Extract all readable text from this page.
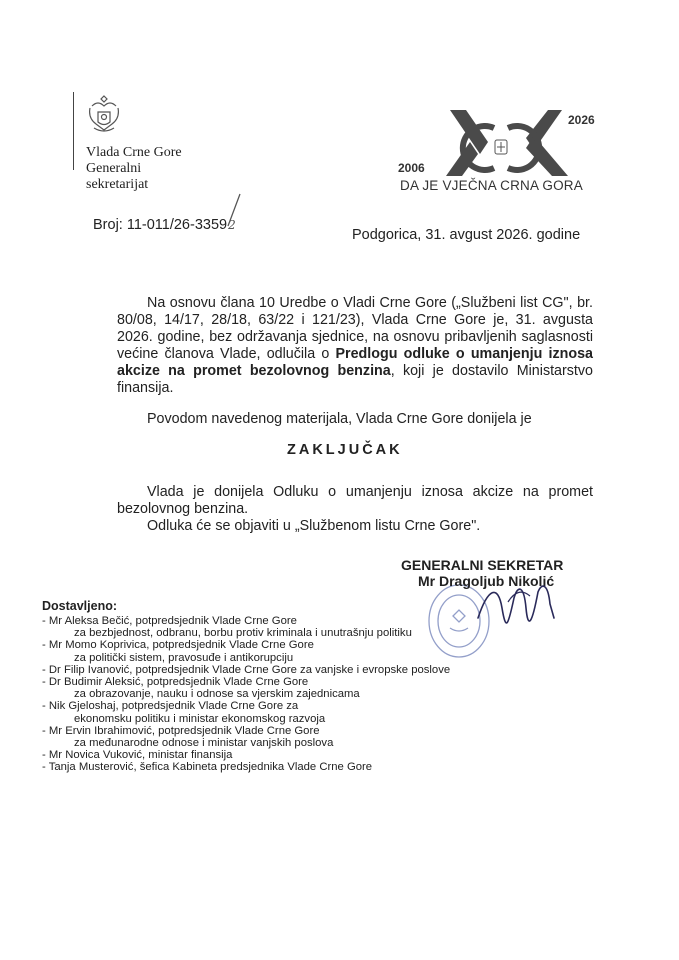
Vlada Crne Gore
Generalni
sekretarijat
2006
2026
DA JE VJEČNA CRNA GORA
Broj: 11-011/26-33592
Podgorica, 31. avgust 2026. godine
Na osnovu člana 10 Uredbe o Vladi Crne Gore („Službeni list CG", br. 80/08, 14/17, 28/18, 63/22 i 121/23), Vlada Crne Gore je, 31. avgusta 2026. godine, bez održavanja sjednice, na osnovu pribavljenih saglasnosti većine članova Vlade, odlučila o Predlogu odluke o umanjenju iznosa akcize na promet bezolovnog benzina, koji je dostavilo Ministarstvo finansija.
Povodom navedenog materijala, Vlada Crne Gore donijela je
ZAKLJUČAK
Vlada je donijela Odluku o umanjenju iznosa akcize na promet bezolovnog benzina.
Odluka će se objaviti u „Službenom listu Crne Gore".
GENERALNI SEKRETAR
Mr Dragoljub Nikolić
Dostavljeno:
- Mr Aleksa Bečić, potpredsjednik Vlade Crne Gore
za bezbjednost, odbranu, borbu protiv kriminala i unutrašnju politiku
- Mr Momo Koprivica, potpredsjednik Vlade Crne Gore
za politički sistem, pravosuđe i antikorupciju
- Dr Filip Ivanović, potpredsjednik Vlade Crne Gore za vanjske i evropske poslove
- Dr Budimir Aleksić, potpredsjednik Vlade Crne Gore
za obrazovanje, nauku i odnose sa vjerskim zajednicama
- Nik Gjeloshaj, potpredsjednik Vlade Crne Gore za
ekonomsku politiku i ministar ekonomskog razvoja
- Mr Ervin Ibrahimović, potpredsjednik Vlade Crne Gore
za međunarodne odnose i ministar vanjskih poslova
- Mr Novica Vuković, ministar finansija
- Tanja Musterović, šefica Kabineta predsjednika Vlade Crne Gore
